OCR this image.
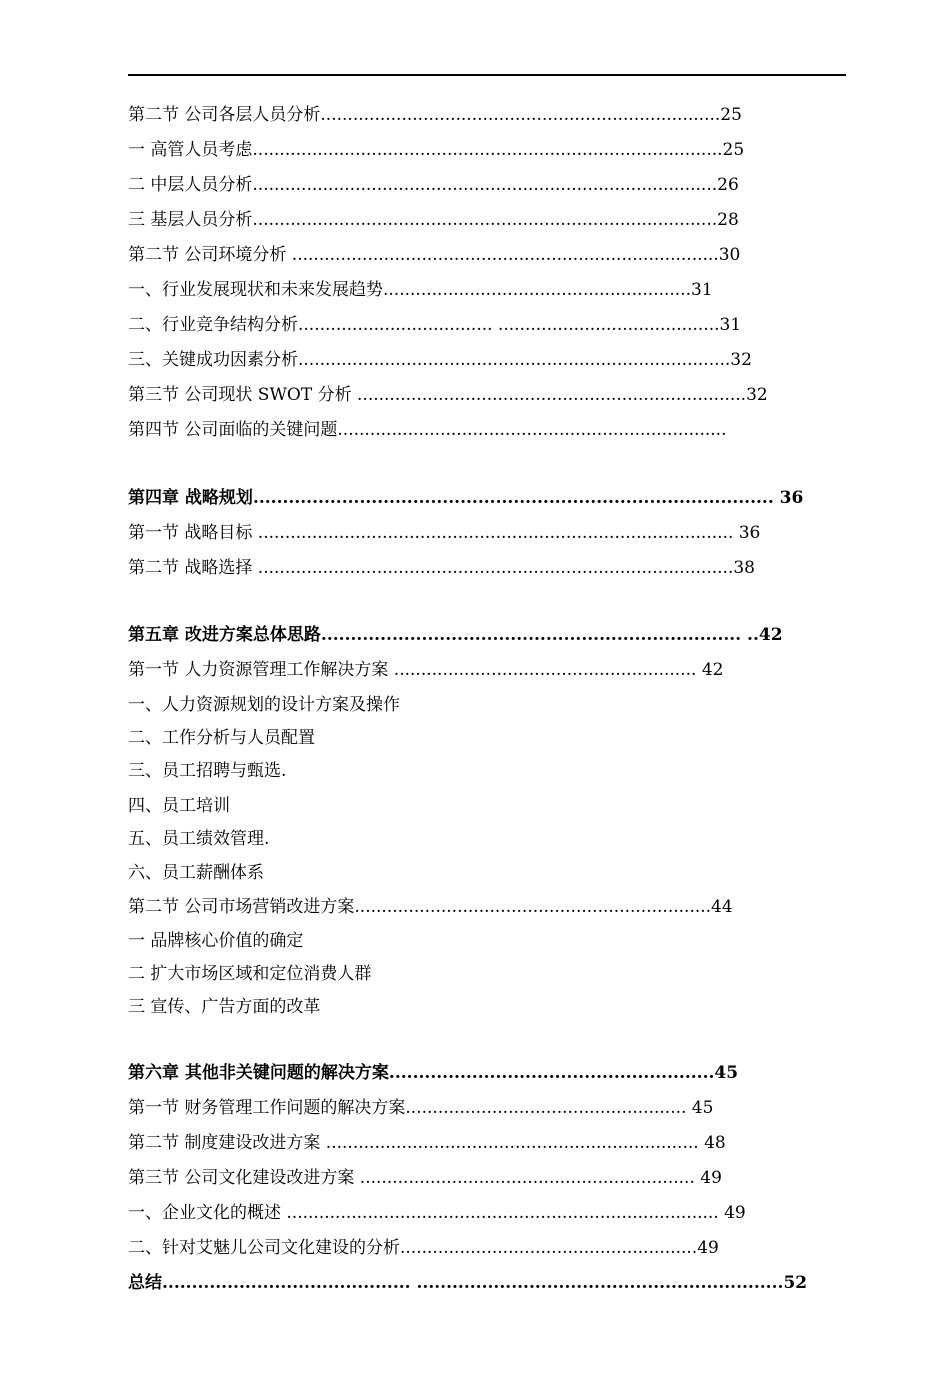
第二节 公司各层人员分析..........................................................................25
一 高管人员考虑.......................................................................................25
二 中层人员分析......................................................................................26
三 基层人员分析......................................................................................28
第二节 公司环境分析 ...............................................................................30
一、行业发展现状和未来发展趋势.........................................................31
二、行业竞争结构分析.................................... .........................................31
三、关键成功因素分析................................................................................32
第三节 公司现状 SWOT 分析 ........................................................................32
第四节 公司面临的关键问题........................................................................
第四章 战略规划........................................................................................ 36
第一节 战略目标 ........................................................................................ 36
第二节 战略选择 ........................................................................................38
第五章 改进方案总体思路....................................................................... ..42
第一节 人力资源管理工作解决方案 ........................................................ 42
一、人力资源规划的设计方案及操作
二、工作分析与人员配置
三、员工招聘与甄选.
四、员工培训
五、员工绩效管理.
六、员工薪酬体系
第二节 公司市场营销改进方案..................................................................44
一 品牌核心价值的确定
二 扩大市场区域和定位消费人群
三 宣传、广告方面的改革
第六章 其他非关键问题的解决方案.......................................................45
第一节 财务管理工作问题的解决方案.................................................... 45
第二节 制度建设改进方案 ..................................................................... 48
第三节 公司文化建设改进方案 .............................................................. 49
一、企业文化的概述 ................................................................................ 49
二、针对艾魅儿公司文化建设的分析.......................................................49
总结.......................................... ..............................................................52
